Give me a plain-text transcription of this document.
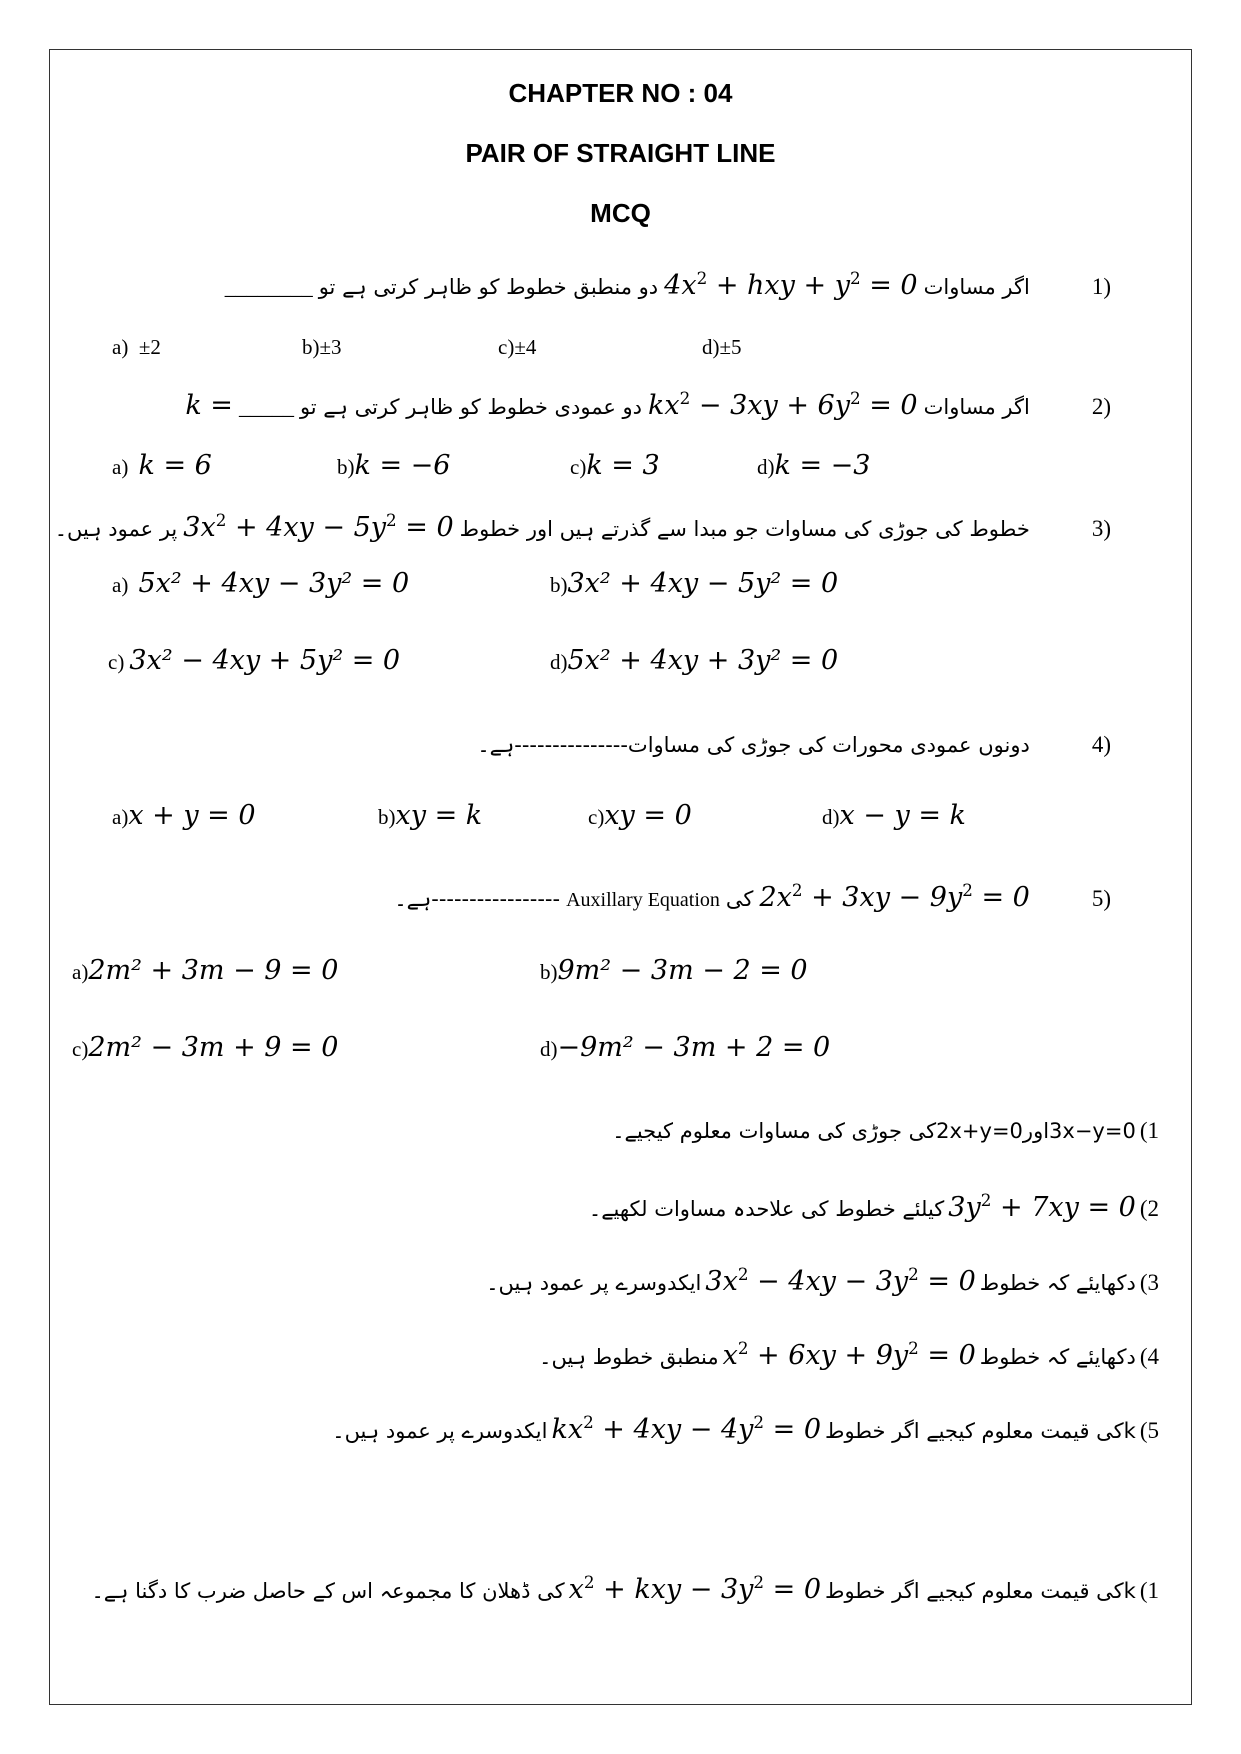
CHAPTER NO : 04
PAIR OF STRAIGHT LINE
MCQ
(1
اگر مساوات
$4x^2$ + hxy + $y^2 = 0$
دو منطبق خطوط کو ظاہر کرتی ہے تو
________
a) ±2	b)±3	c)±4	d)±5
(2
اگر مساوات
$kx^2 - 3xy + 6y^2 = 0$
دو عمودی خطوط کو ظاہر کرتی ہے تو
_____
k =
a) k = 6	b)k = −6	c)k = 3	d)k = −3
(3
خطوط کی جوڑی کی مساوات جو مبدا سے گذرتے ہیں اور خطوط
$3x^2 + 4xy - 5y^2 = 0$
پر عمود ہیں۔
a) 5x² + 4xy − 3y² = 0	b)3x² + 4xy − 5y² = 0
c) 3x² − 4xy + 5y² = 0	d)5x² + 4xy + 3y² = 0
(4
دونوں عمودی محورات کی جوڑی کی مساوات---------------ہے۔
a)x + y = 0	b)xy = k	c)xy = 0	d)x − y = k
(5
$2x^2 + 3xy - 9y^2 = 0$
کی
Auxillary Equation
-----------------ہے۔
a)2m² + 3m − 9 = 0	b)9m² − 3m − 2 = 0
c)2m² − 3m + 9 = 0	d)−9m² − 3m + 2 = 0
1)
3x−y=0اور2x+y=0کی جوڑی کی مساوات معلوم کیجیے۔
2)
$3y^2 + 7xy = 0$
کیلئے خطوط کی علاحدہ مساوات لکھیے۔
3)
دکھایئے کہ خطوط
$3x^2 - 4xy - 3y^2 = 0$
ایکدوسرے پر عمود ہیں۔
4)
دکھایئے کہ خطوط
$x^2 + 6xy + 9y^2 = 0$
منطبق خطوط ہیں۔
5)
kکی قیمت معلوم کیجیے اگر خطوط
$kx^2 + 4xy - 4y^2 = 0$
ایکدوسرے پر عمود ہیں۔
1)
kکی قیمت معلوم کیجیے اگر خطوط
$x^2$ + kxy − $3y^2 = 0$
کی ڈھلان کا مجموعہ اس کے حاصل ضرب کا دگنا ہے۔
